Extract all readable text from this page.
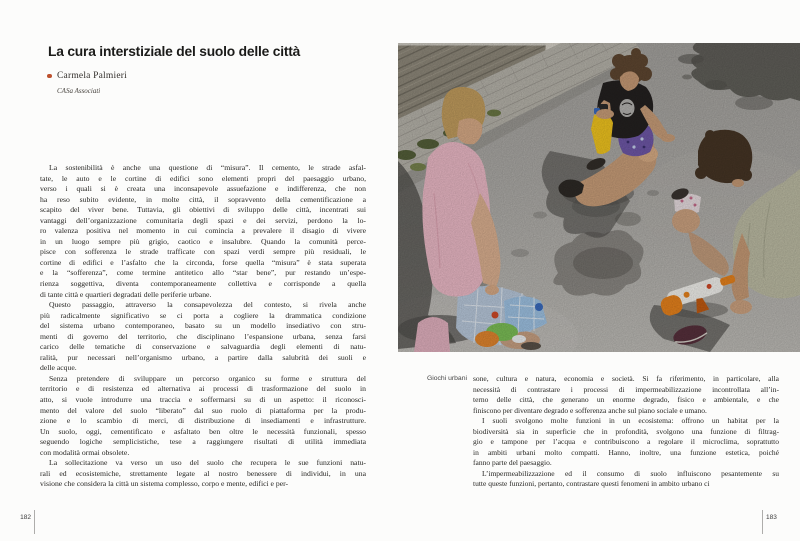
La cura interstiziale del suolo delle città
Carmela Palmieri
CASa Associati
La sostenibilità è anche una questione di “misura”. Il cemento, le strade asfal-
tate, le auto e le cortine di edifici sono elementi propri del paesaggio urbano,
verso i quali si è creata una inconsapevole assuefazione e indifferenza, che non
ha reso subito evidente, in molte città, il sopravvento della cementificazione a
scapito del viver bene. Tuttavia, gli obiettivi di sviluppo delle città, incentrati sui
vantaggi dell’organizzazione comunitaria degli spazi e dei servizi, perdono la lo-
ro valenza positiva nel momento in cui comincia a prevalere il disagio di vivere
in un luogo sempre più grigio, caotico e insalubre. Quando la comunità perce-
pisce con sofferenza le strade trafficate con spazi verdi sempre più residuali, le
cortine di edifici e l’asfalto che la circonda, forse quella “misura” è stata superata
e la “sofferenza”, come termine antitetico allo “star bene”, pur restando un’espe-
rienza soggettiva, diventa contemporaneamente collettiva e corrisponde a quella
di tante città e quartieri degradati delle periferie urbane.
Questo passaggio, attraverso la consapevolezza del contesto, si rivela anche
più radicalmente significativo se ci porta a cogliere la drammatica condizione
del sistema urbano contemporaneo, basato su un modello insediativo con stru-
menti di governo del territorio, che disciplinano l’espansione urbana, senza farsi
carico delle tematiche di conservazione e salvaguardia degli elementi di natu-
ralità, pur necessari nell’organismo urbano, a partire dalla salubrità dei suoli e
delle acque.
Senza pretendere di sviluppare un percorso organico su forme e struttura del
territorio e di resistenza ed alternativa ai processi di trasformazione del suolo in
atto, si vuole introdurre una traccia e soffermarsi su di un aspetto: il riconosci-
mento del valore del suolo “liberato” dal suo ruolo di piattaforma per la produ-
zione e lo scambio di merci, di distribuzione di insediamenti e infrastrutture.
Un suolo, oggi, cementificato e asfaltato ben oltre le necessità funzionali, spesso
seguendo logiche semplicistiche, tese a raggiungere risultati di utilità immediata
con modalità ormai obsolete.
La sollecitazione va verso un uso del suolo che recupera le sue funzioni natu-
rali ed ecosistemiche, strettamente legate al nostro benessere di individui, in una
visione che considera la città un sistema complesso, corpo e mente, edifici e per-
182
Giochi urbani sone, cultura e natura, economia e società. Si fa riferimento, in particolare, alla
necessità di contrastare i processi di impermeabilizzazione incontrollata all’in-
terno delle città, che generano un enorme degrado, fisico e ambientale, e che
finiscono per diventare degrado e sofferenza anche sul piano sociale e umano.
I suoli svolgono molte funzioni in un ecosistema: offrono un habitat per la
biodiversità sia in superficie che in profondità, svolgono una funzione di filtrag-
gio e tampone per l’acqua e contribuiscono a regolare il microclima, soprattutto
in ambiti urbani molto compatti. Hanno, inoltre, una funzione estetica, poiché
fanno parte del paesaggio.
L’impermeabilizzazione ed il consumo di suolo influiscono pesantemente su
tutte queste funzioni, pertanto, contrastare questi fenomeni in ambito urbano ci
183
